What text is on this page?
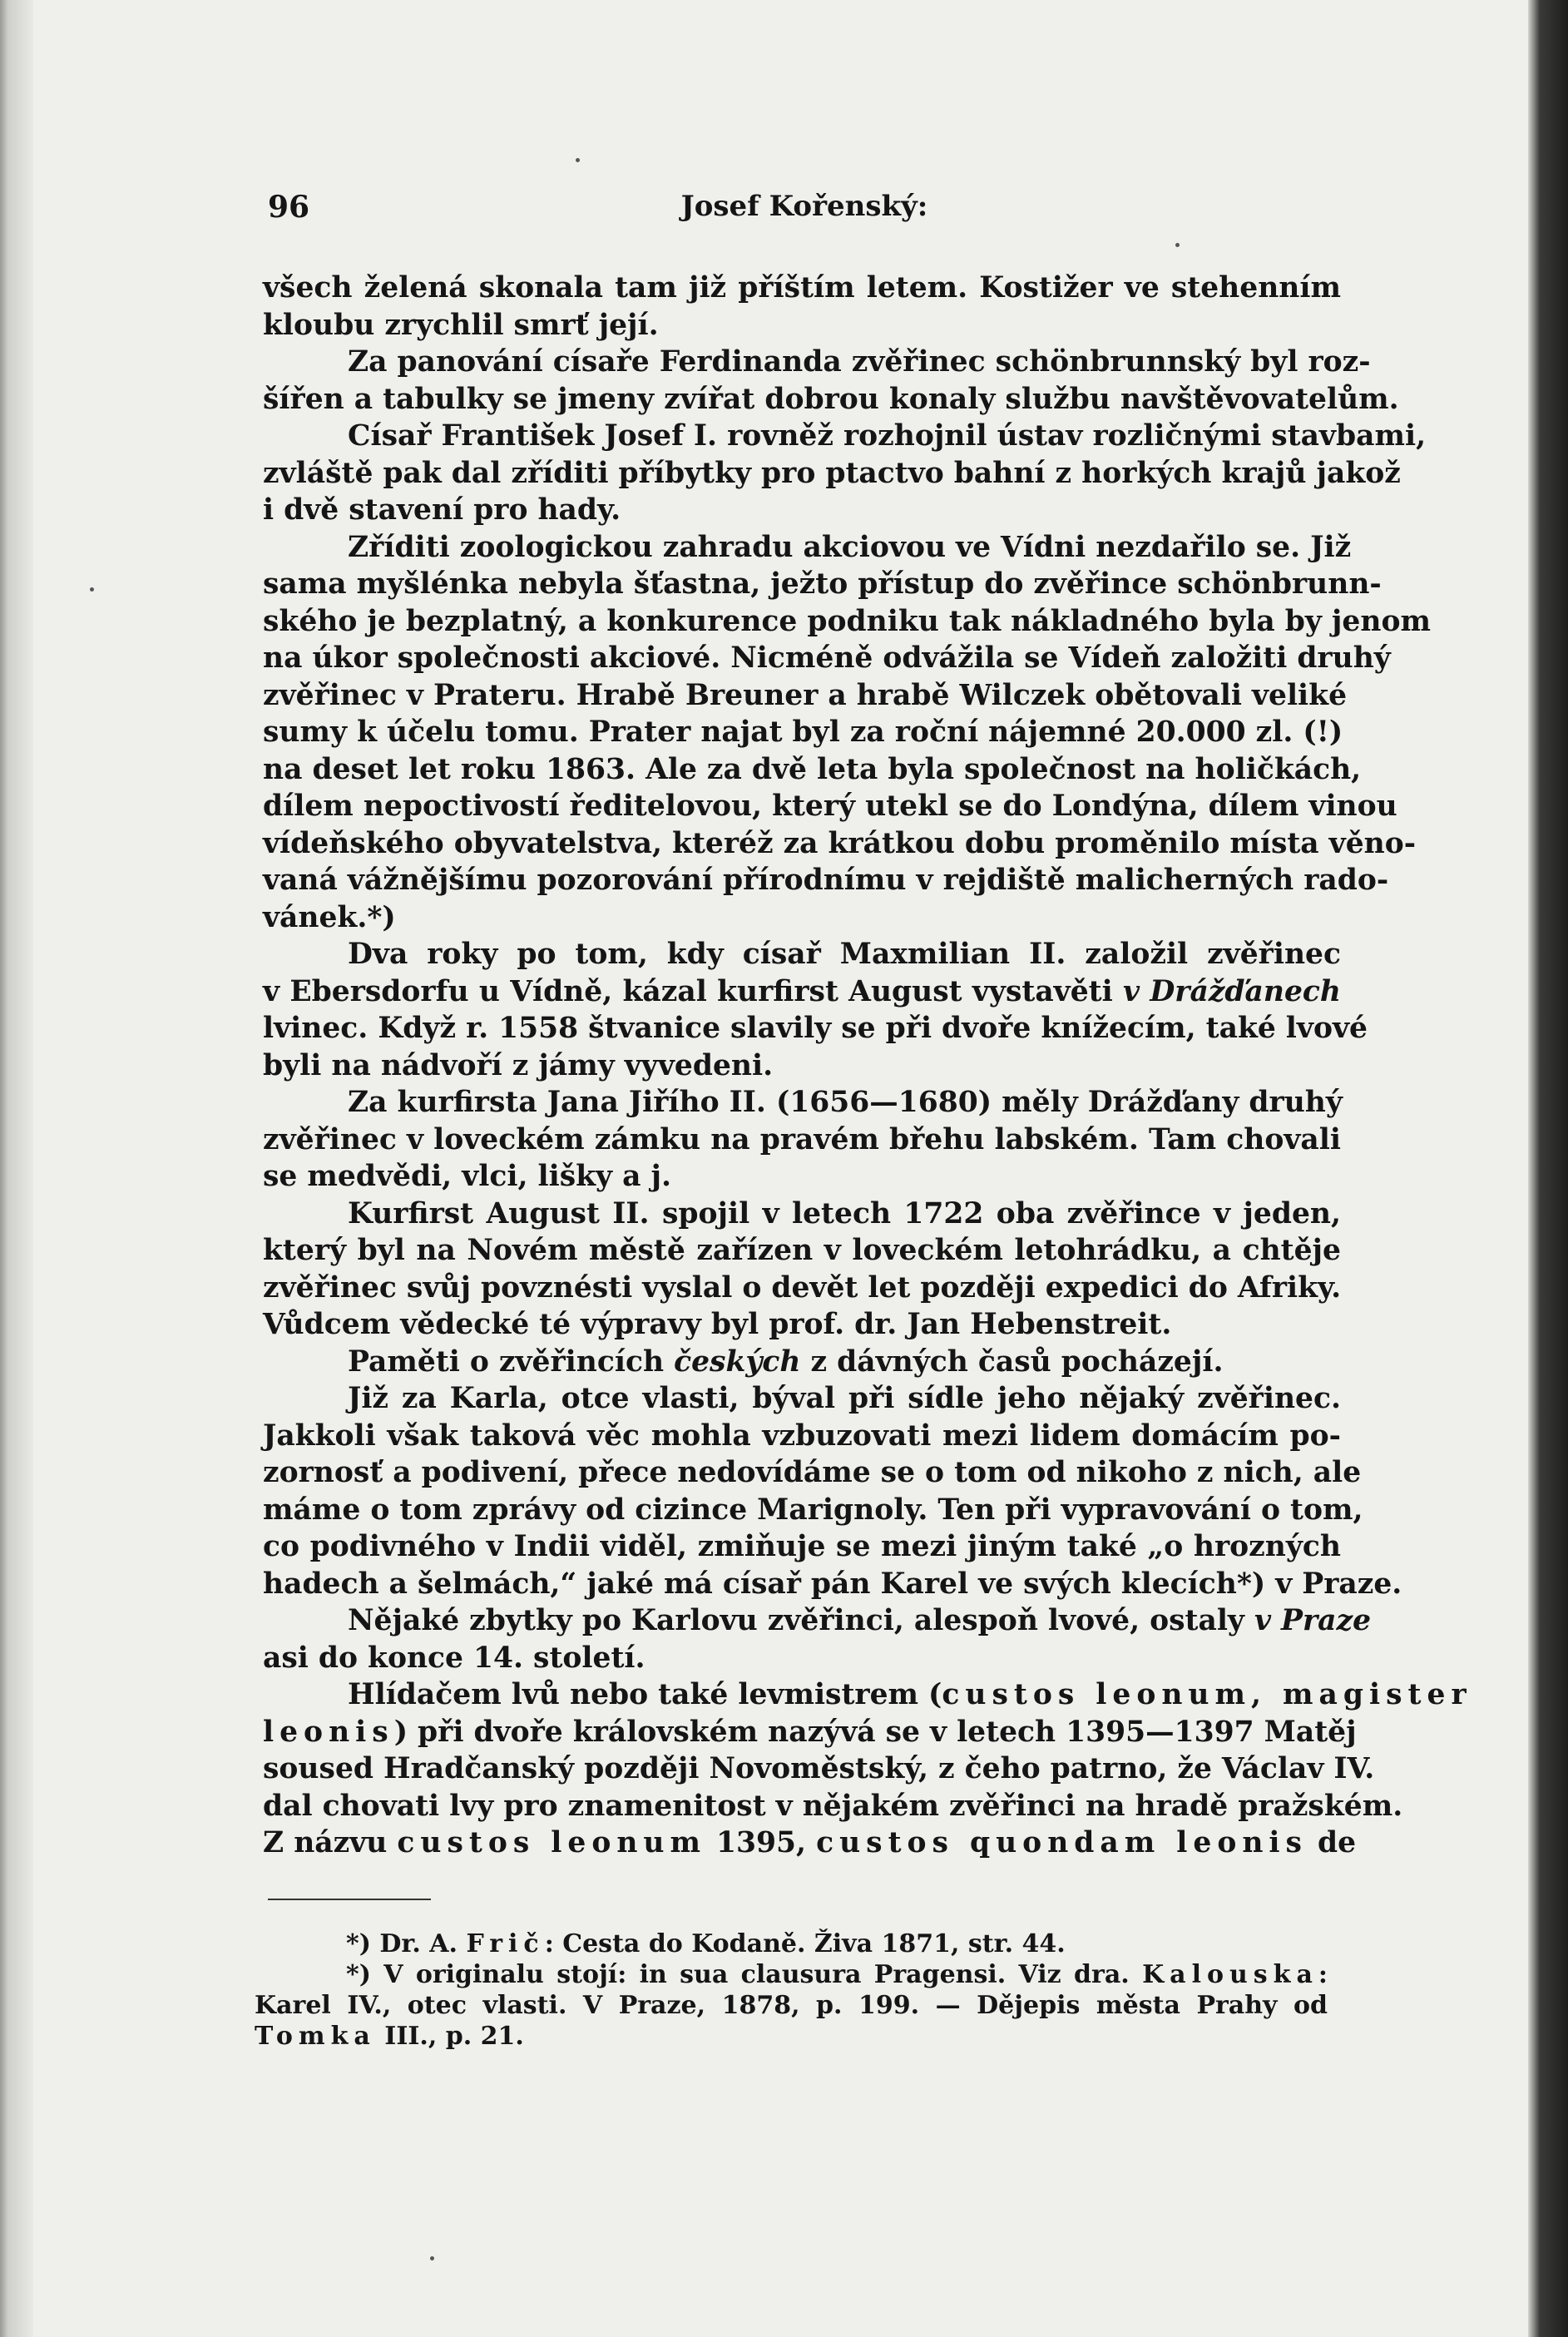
96	Josef Kořenský:
všech želená skonala tam již příštím letem. Kostižer ve stehenním
kloubu zrychlil smrť její.
Za panování císaře Ferdinanda zvěřinec schönbrunnský byl roz-
šířen a tabulky se jmeny zvířat dobrou konaly službu navštěvovatelům.
Císař František Josef I. rovněž rozhojnil ústav rozličnými stavbami,
zvláště pak dal zříditi příbytky pro ptactvo bahní z horkých krajů jakož
i dvě stavení pro hady.
Zříditi zoologickou zahradu akciovou ve Vídni nezdařilo se. Již
sama myšlénka nebyla šťastna, ježto přístup do zvěřince schönbrunn-
ského je bezplatný, a konkurence podniku tak nákladného byla by jenom
na úkor společnosti akciové. Nicméně odvážila se Vídeň založiti druhý
zvěřinec v Prateru. Hrabě Breuner a hrabě Wilczek obětovali veliké
sumy k účelu tomu. Prater najat byl za roční nájemné 20.000 zl. (!)
na deset let roku 1863. Ale za dvě leta byla společnost na holičkách,
dílem nepoctivostí ředitelovou, který utekl se do Londýna, dílem vinou
vídeňského obyvatelstva, kteréž za krátkou dobu proměnilo místa věno-
vaná vážnějšímu pozorování přírodnímu v rejdiště malicherných rado-
vánek.*)
Dva roky po tom, kdy císař Maxmilian II. založil zvěřinec
v Ebersdorfu u Vídně, kázal kurfirst August vystavěti v Drážďanech
lvinec. Když r. 1558 štvanice slavily se při dvoře knížecím, také lvové
byli na nádvoří z jámy vyvedeni.
Za kurfirsta Jana Jiřího II. (1656—1680) měly Drážďany druhý
zvěřinec v loveckém zámku na pravém břehu labském. Tam chovali
se medvědi, vlci, lišky a j.
Kurfirst August II. spojil v letech 1722 oba zvěřince v jeden,
který byl na Novém městě zařízen v loveckém letohrádku, a chtěje
zvěřinec svůj povznésti vyslal o devět let později expedici do Afriky.
Vůdcem vědecké té výpravy byl prof. dr. Jan Hebenstreit.
Paměti o zvěřincích českých z dávných časů pocházejí.
Již za Karla, otce vlasti, býval při sídle jeho nějaký zvěřinec.
Jakkoli však taková věc mohla vzbuzovati mezi lidem domácím po-
zornosť a podivení, přece nedovídáme se o tom od nikoho z nich, ale
máme o tom zprávy od cizince Marignoly. Ten při vypravování o tom,
co podivného v Indii viděl, zmiňuje se mezi jiným také „o hrozných
hadech a šelmách,“ jaké má císař pán Karel ve svých klecích*) v Praze.
Nějaké zbytky po Karlovu zvěřinci, alespoň lvové, ostaly v Praze
asi do konce 14. století.
Hlídačem lvů nebo také levmistrem (custos leonum, magister
leonis) při dvoře královském nazývá se v letech 1395—1397 Matěj
soused Hradčanský později Novoměstský, z čeho patrno, že Václav IV.
dal chovati lvy pro znamenitost v nějakém zvěřinci na hradě pražském.
Z názvu custos leonum 1395, custos quondam leonis de
*) Dr. A. Frič: Cesta do Kodaně. Živa 1871, str. 44.
*) V originalu stojí: in sua clausura Pragensi. Viz dra. Kalouska:
Karel IV., otec vlasti. V Praze, 1878, p. 199. — Dějepis města Prahy od
Tomka III., p. 21.
